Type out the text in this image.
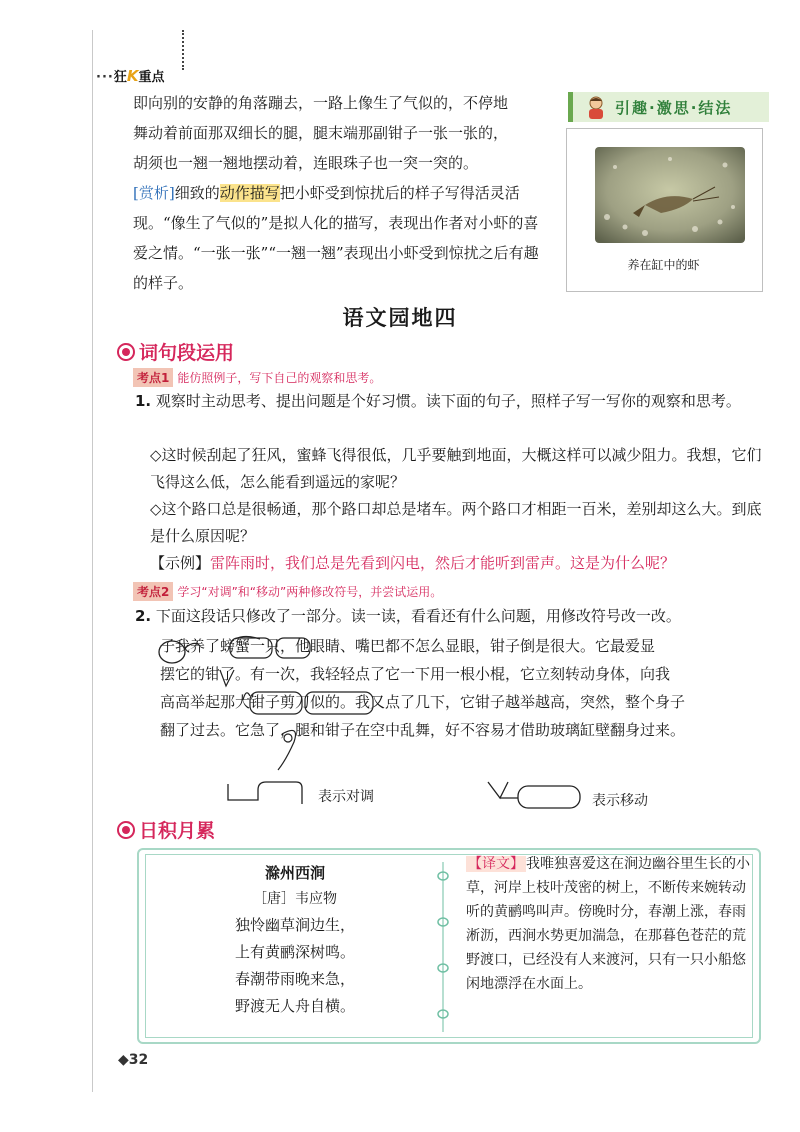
···狂K重点

即向别的安静的角落蹦去，一路上像生了气似的，不停地

舞动着前面那双细长的腿，腿末端那副钳子一张一张的，

胡须也一翘一翘地摆动着，连眼珠子也一突一突的。

[赏析]细致的动作描写把小虾受到惊扰后的样子写得活灵活现。“像生了气似的”是拟人化的描写，表现出作者对小虾的喜爱之情。“一张一张”“一翘一翘”表现出小虾受到惊扰之后有趣的样子。

引趣·激思·结法
养在缸中的虾
语文园地四
词句段运用
考点1 能仿照例子，写下自己的观察和思考。
1. 观察时主动思考、提出问题是个好习惯。读下面的句子，照样子写一写你的观察和思考。
◇这时候刮起了狂风，蜜蜂飞得很低，几乎要触到地面，大概这样可以减少阻力。我想，它们飞得这么低，怎么能看到遥远的家呢？
◇这个路口总是很畅通，那个路口却总是堵车。两个路口才相距一百米，差别却这么大。到底是什么原因呢？
【示例】雷阵雨时，我们总是先看到闪电，然后才能听到雷声。这是为什么呢？
考点2 学习“对调”和“移动”两种修改符号，并尝试运用。
2. 下面这段话只修改了一部分。读一读，看看还有什么问题，用修改符号改一改。
子我养了螃蟹一只，他眼睛、嘴巴都不怎么显眼，钳子倒是很大。它最爱显
摆它的钳了。有一次，我轻轻点了它一下用一根小棍，它立刻转动身体，向我
高高举起那大钳子剪刀似的。我又点了几下，它钳子越举越高，突然，整个身子
翻了过去。它急了，腿和钳子在空中乱舞，好不容易才借助玻璃缸壁翻身过来。
表示对调	表示移动
日积月累
滁州西涧
［唐］韦应物
独怜幽草涧边生，
上有黄鹂深树鸣。
春潮带雨晚来急，
野渡无人舟自横。
【译文】 我唯独喜爱这在涧边幽谷里生长的小草，河岸上枝叶茂密的树上，不断传来婉转动听的黄鹂鸣叫声。傍晚时分，春潮上涨，春雨淅沥，西涧水势更加湍急，在那暮色苍茫的荒野渡口，已经没有人来渡河，只有一只小船悠闲地漂浮在水面上。
◆32
